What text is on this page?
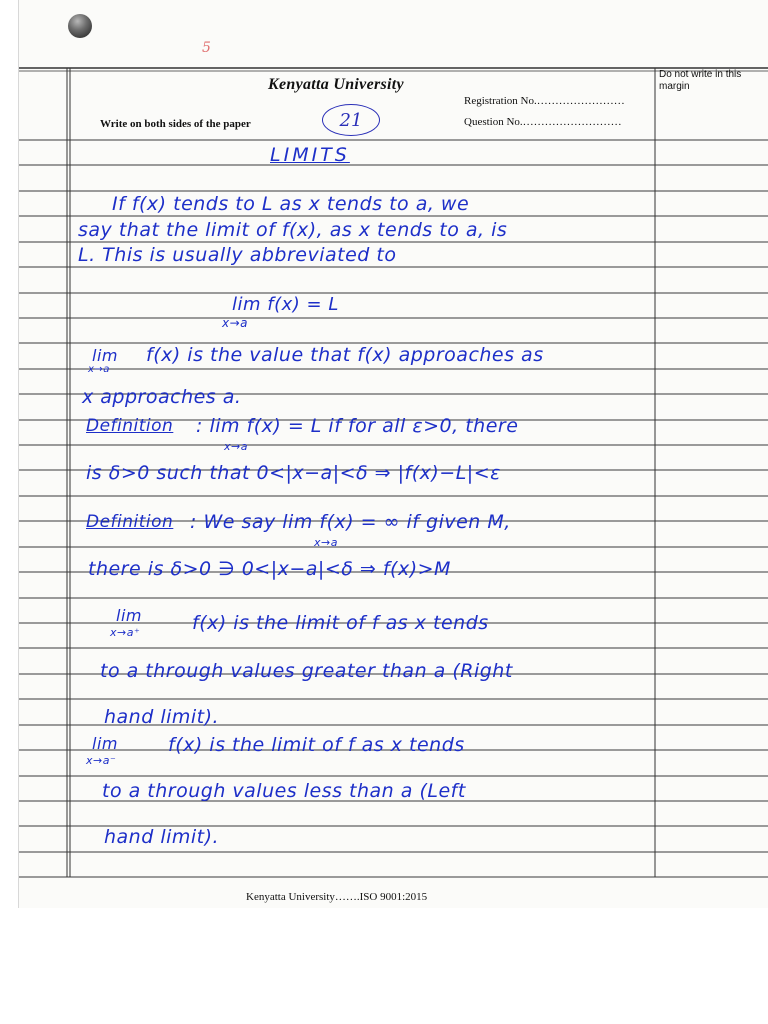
5
Kenyatta University
21
Registration No.……………………
Question No.………………………
Write on both sides of the paper
Do not write in this margin
LIMITS
If f(x) tends to L as x tends to a, we
say that the limit of f(x), as x tends to a, is
L. This is usually abbreviated to
lim f(x) = L
x→a
lim
x→a
f(x) is the value that f(x) approaches as
x approaches a.
Definition : lim f(x) = L if for all ε>0, there
x→a
is δ>0 such that 0<|x−a|<δ ⇒ |f(x)−L|<ε
Definition : We say lim f(x) = ∞ if given M,
x→a
there is δ>0 ∋ 0<|x−a|<δ ⇒ f(x)>M
lim
x→a⁺	f(x) is the limit of f as x tends
to a through values greater than a (Right
hand limit).
lim
x→a⁻
f(x) is the limit of f as x tends
to a through values less than a (Left
hand limit).
Kenyatta University…….ISO 9001:2015
